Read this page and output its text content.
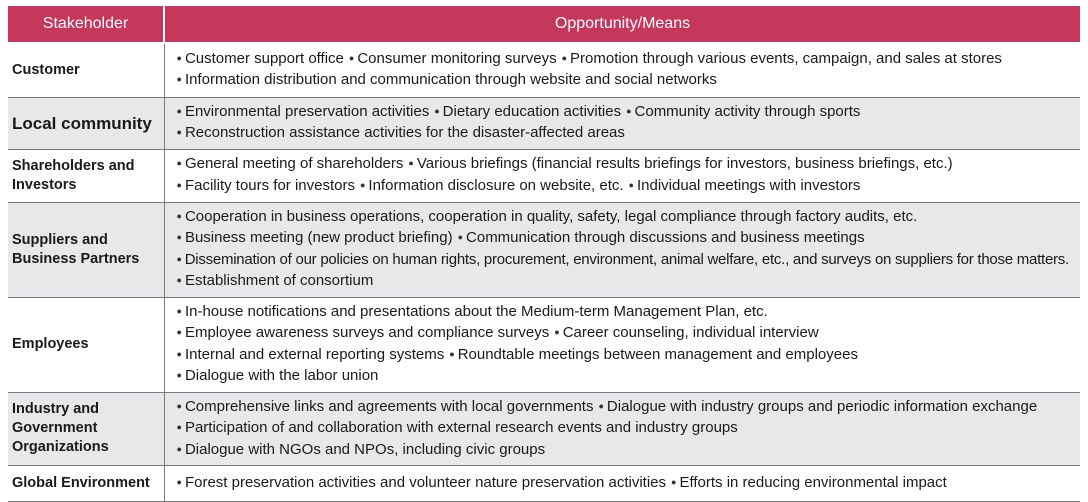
Stakeholder	Opportunity/Means
Customer	● Customer support office ● Consumer monitoring surveys ● Promotion through various events, campaign, and sales at stores
● Information distribution and communication through website and social networks

Local community	● Environmental preservation activities ● Dietary education activities ● Community activity through sports
● Reconstruction assistance activities for the disaster-affected areas

Shareholders and Investors	● General meeting of shareholders ● Various briefings (financial results briefings for investors, business briefings, etc.)
● Facility tours for investors ● Information disclosure on website, etc. ● Individual meetings with investors

Suppliers and Business Partners	● Cooperation in business operations, cooperation in quality, safety, legal compliance through factory audits, etc.
● Business meeting (new product briefing) ● Communication through discussions and business meetings
● Dissemination of our policies on human rights, procurement, environment, animal welfare, etc., and surveys on suppliers for those matters.
● Establishment of consortium

Employees	● In-house notifications and presentations about the Medium-term Management Plan, etc.
● Employee awareness surveys and compliance surveys ● Career counseling, individual interview
● Internal and external reporting systems ● Roundtable meetings between management and employees
● Dialogue with the labor union

Industry and Government Organizations	● Comprehensive links and agreements with local governments ● Dialogue with industry groups and periodic information exchange
● Participation of and collaboration with external research events and industry groups
● Dialogue with NGOs and NPOs, including civic groups

Global Environment	● Forest preservation activities and volunteer nature preservation activities ● Efforts in reducing environmental impact
